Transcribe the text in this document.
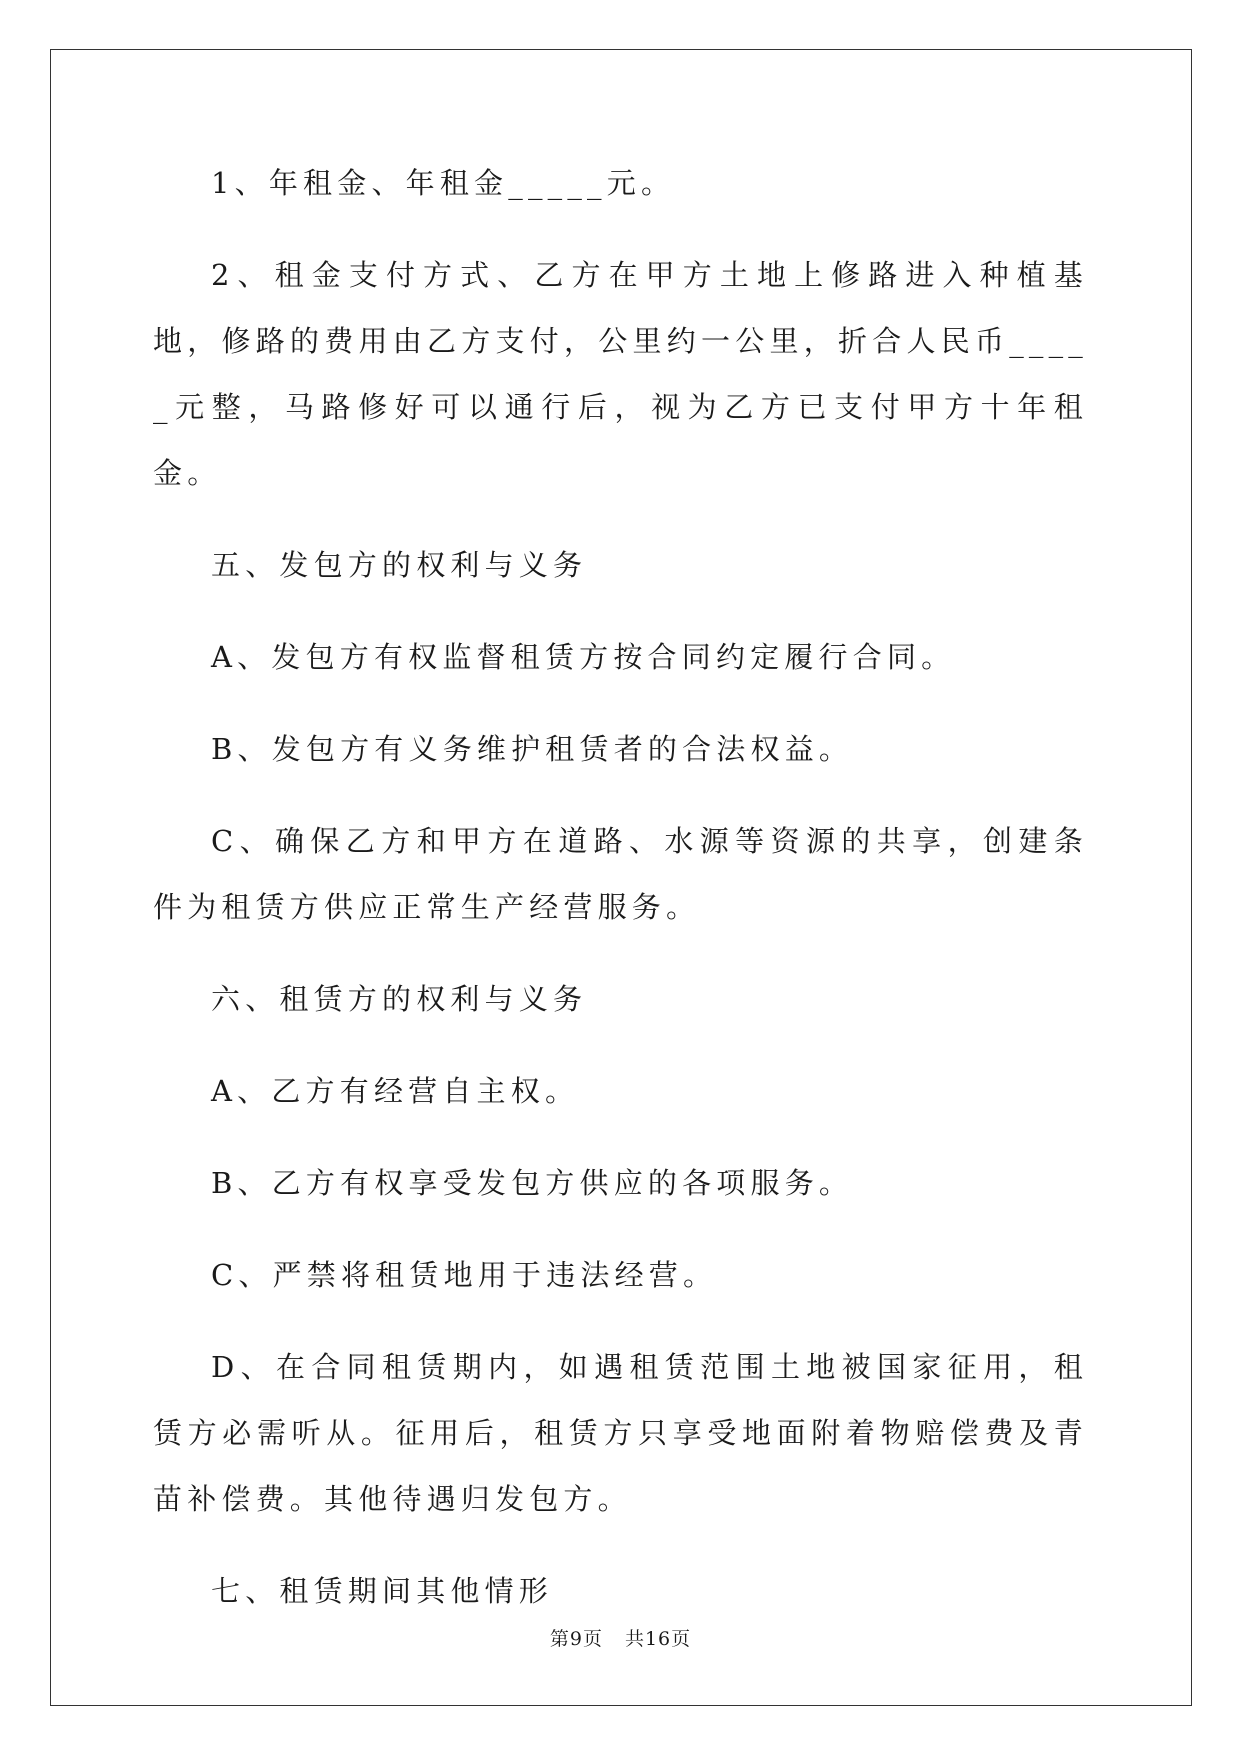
1、年租金、年租金_____元。

2、租金支付方式、乙方在甲方土地上修路进入种植基地，修路的费用由乙方支付，公里约一公里，折合人民币_____元整，马路修好可以通行后，视为乙方已支付甲方十年租金。

五、发包方的权利与义务

A、发包方有权监督租赁方按合同约定履行合同。

B、发包方有义务维护租赁者的合法权益。

C、确保乙方和甲方在道路、水源等资源的共享，创建条件为租赁方供应正常生产经营服务。

六、租赁方的权利与义务

A、乙方有经营自主权。

B、乙方有权享受发包方供应的各项服务。

C、严禁将租赁地用于违法经营。

D、在合同租赁期内，如遇租赁范围土地被国家征用，租赁方必需听从。征用后，租赁方只享受地面附着物赔偿费及青苗补偿费。其他待遇归发包方。

七、租赁期间其他情形

第9页 共16页
